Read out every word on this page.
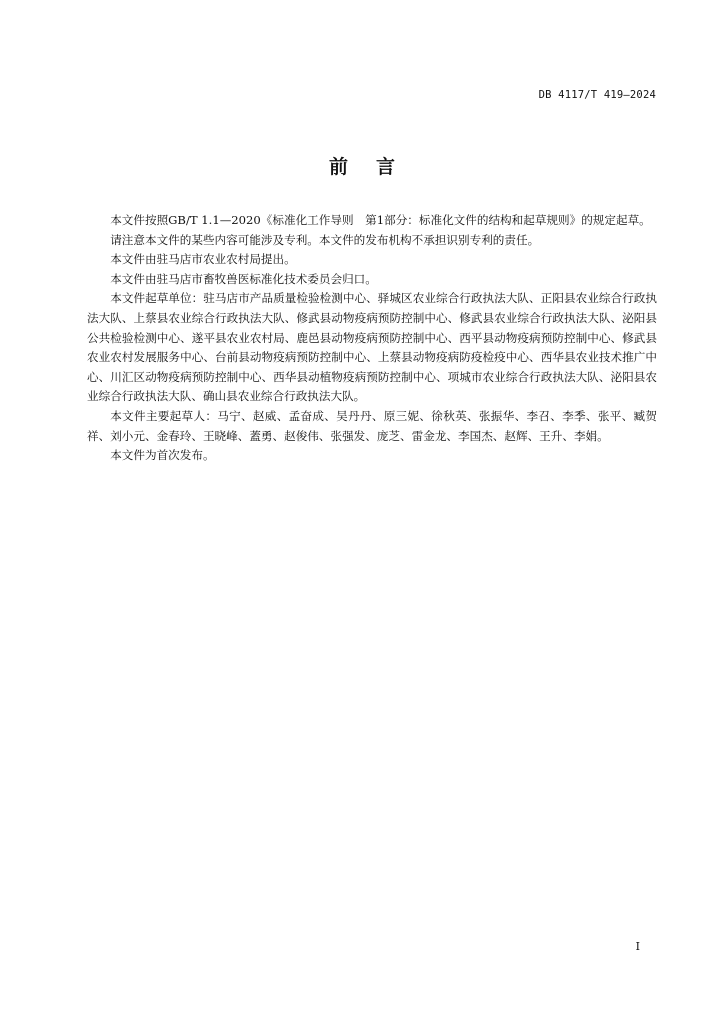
DB 4117/T 419—2024
前言

本文件按照GB/T 1.1—2020《标准化工作导则　第1部分：标准化文件的结构和起草规则》的规定起草。

请注意本文件的某些内容可能涉及专利。本文件的发布机构不承担识别专利的责任。

本文件由驻马店市农业农村局提出。

本文件由驻马店市畜牧兽医标准化技术委员会归口。

本文件起草单位：驻马店市产品质量检验检测中心、驿城区农业综合行政执法大队、正阳县农业综合行政执法大队、上蔡县农业综合行政执法大队、修武县动物疫病预防控制中心、修武县农业综合行政执法大队、泌阳县公共检验检测中心、遂平县农业农村局、鹿邑县动物疫病预防控制中心、西平县动物疫病预防控制中心、修武县农业农村发展服务中心、台前县动物疫病预防控制中心、上蔡县动物疫病防疫检疫中心、西华县农业技术推广中心、川汇区动物疫病预防控制中心、西华县动植物疫病预防控制中心、项城市农业综合行政执法大队、泌阳县农业综合行政执法大队、确山县农业综合行政执法大队。

本文件主要起草人：马宁、赵威、孟奋成、吴丹丹、原三妮、徐秋英、张振华、李召、李季、张平、臧贺祥、刘小元、金春玲、王晓峰、蓋勇、赵俊伟、张强发、庞芝、雷金龙、李国杰、赵辉、王升、李娟。

本文件为首次发布。

I
